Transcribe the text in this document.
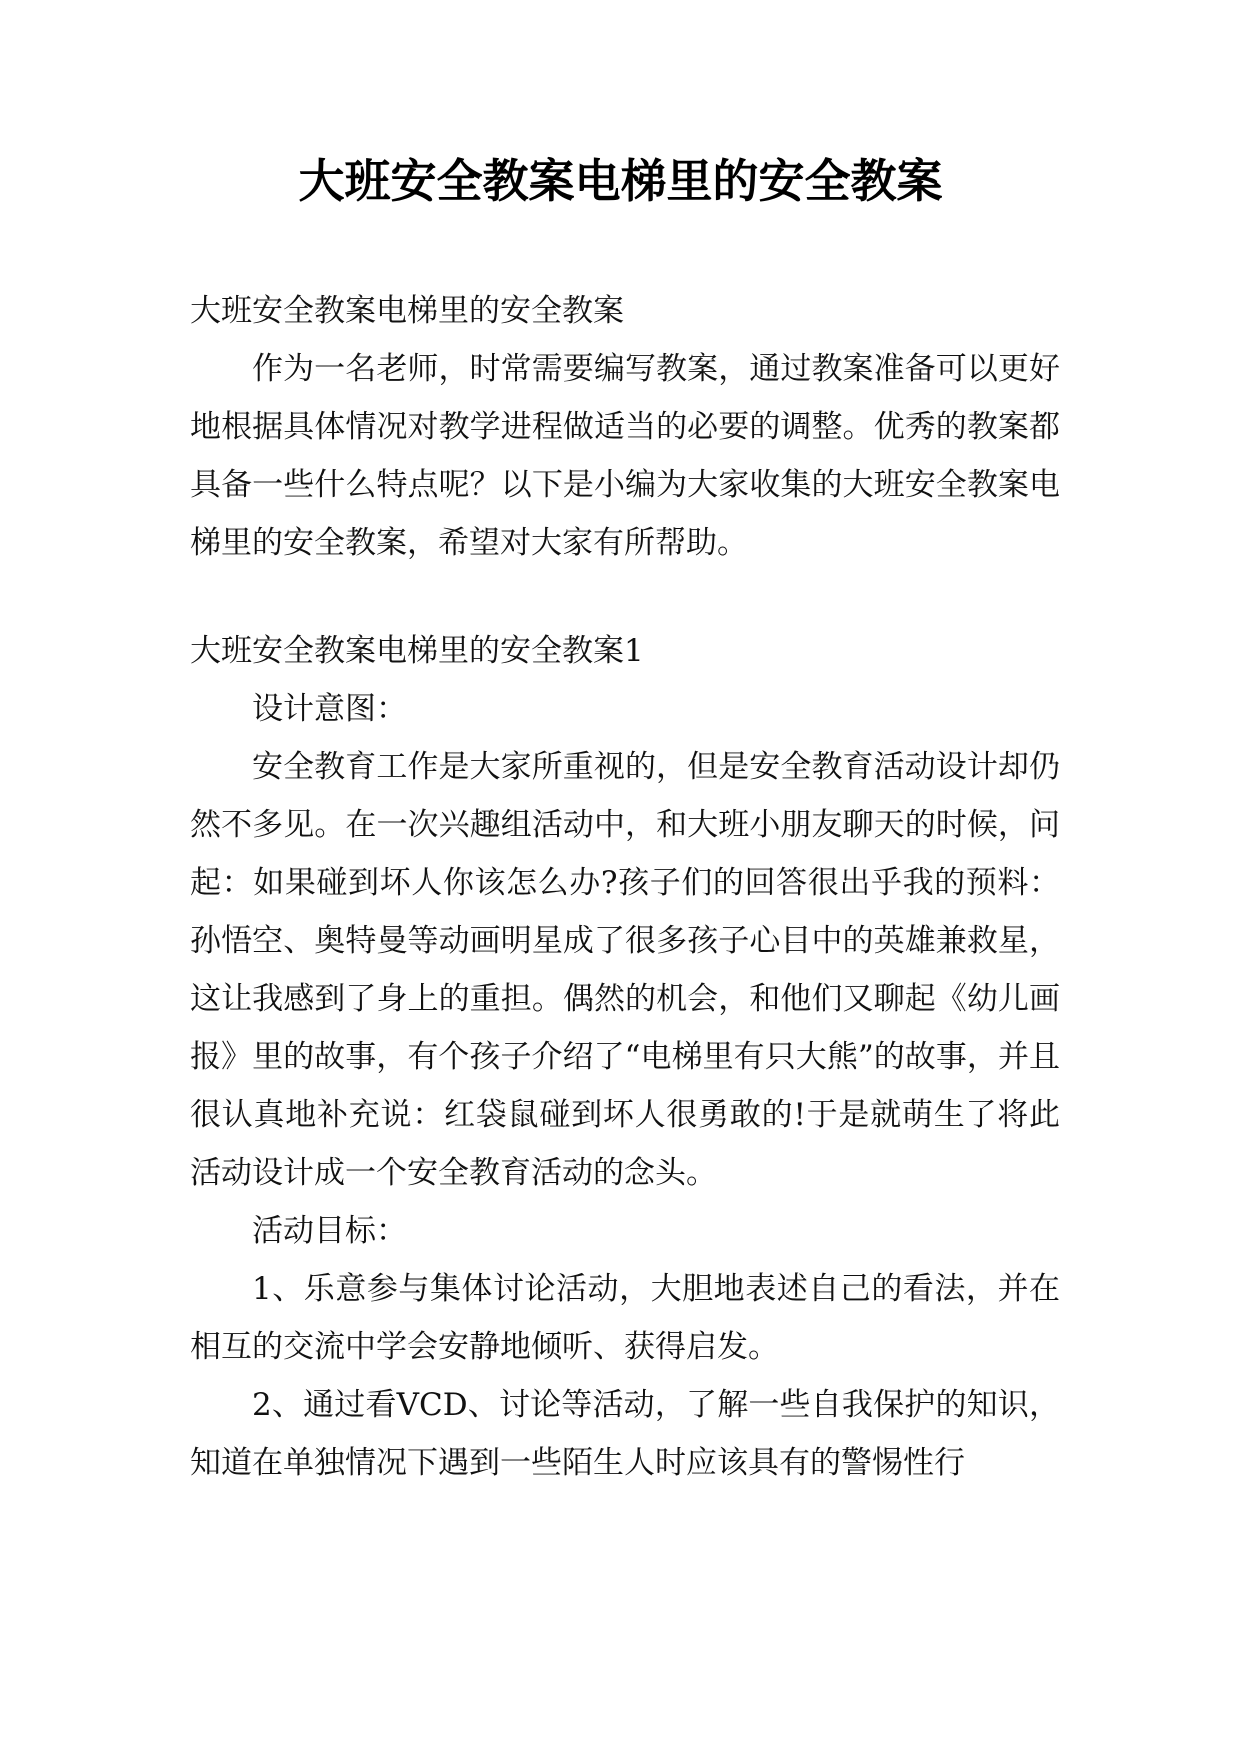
大班安全教案电梯里的安全教案

大班安全教案电梯里的安全教案

作为一名老师，时常需要编写教案，通过教案准备可以更好地根据具体情况对教学进程做适当的必要的调整。优秀的教案都具备一些什么特点呢？以下是小编为大家收集的大班安全教案电梯里的安全教案，希望对大家有所帮助。

大班安全教案电梯里的安全教案1

设计意图：

安全教育工作是大家所重视的，但是安全教育活动设计却仍然不多见。在一次兴趣组活动中，和大班小朋友聊天的时候，问起：如果碰到坏人你该怎么办?孩子们的回答很出乎我的预料：孙悟空、奥特曼等动画明星成了很多孩子心目中的英雄兼救星，这让我感到了身上的重担。偶然的机会，和他们又聊起《幼儿画报》里的故事，有个孩子介绍了“电梯里有只大熊”的故事，并且很认真地补充说：红袋鼠碰到坏人很勇敢的!于是就萌生了将此活动设计成一个安全教育活动的念头。

活动目标：

1、乐意参与集体讨论活动，大胆地表述自己的看法，并在相互的交流中学会安静地倾听、获得启发。

2、通过看VCD、讨论等活动，了解一些自我保护的知识，知道在单独情况下遇到一些陌生人时应该具有的警惕性行
